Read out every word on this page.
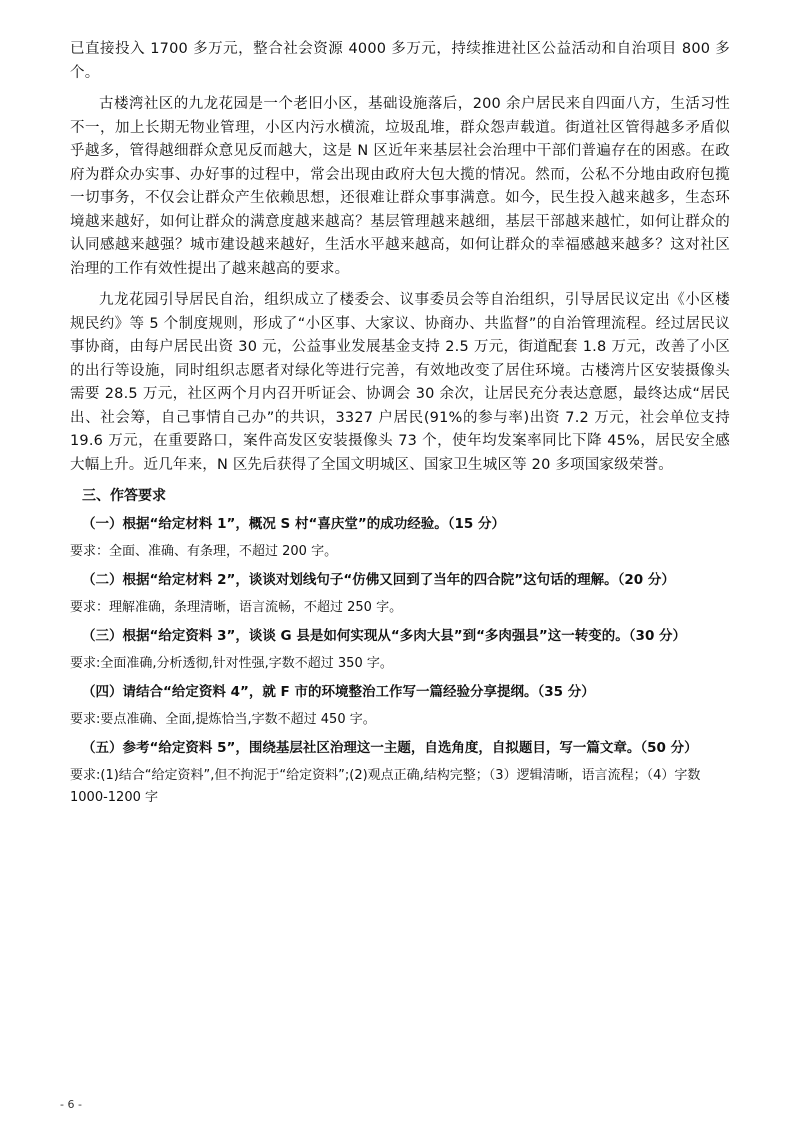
已直接投入 1700 多万元，整合社会资源 4000 多万元，持续推进社区公益活动和自治项目 800 多个。

古楼湾社区的九龙花园是一个老旧小区，基础设施落后，200 余户居民来自四面八方，生活习性不一，加上长期无物业管理，小区内污水横流，垃圾乱堆，群众怨声载道。街道社区管得越多矛盾似乎越多，管得越细群众意见反而越大，这是 N 区近年来基层社会治理中干部们普遍存在的困惑。在政府为群众办实事、办好事的过程中，常会出现由政府大包大揽的情况。然而，公私不分地由政府包揽一切事务，不仅会让群众产生依赖思想，还很难让群众事事满意。如今，民生投入越来越多，生态环境越来越好，如何让群众的满意度越来越高？基层管理越来越细，基层干部越来越忙，如何让群众的认同感越来越强？城市建设越来越好，生活水平越来越高，如何让群众的幸福感越来越多？这对社区治理的工作有效性提出了越来越高的要求。

九龙花园引导居民自治，组织成立了楼委会、议事委员会等自治组织，引导居民议定出《小区楼规民约》等 5 个制度规则，形成了“小区事、大家议、协商办、共监督”的自治管理流程。经过居民议事协商，由每户居民出资 30 元，公益事业发展基金支持 2.5 万元，街道配套 1.8 万元，改善了小区的出行等设施，同时组织志愿者对绿化等进行完善，有效地改变了居住环境。古楼湾片区安装摄像头需要 28.5 万元，社区两个月内召开听证会、协调会 30 余次，让居民充分表达意愿，最终达成“居民出、社会筹，自己事情自己办”的共识，3327 户居民(91%的参与率)出资 7.2 万元，社会单位支持 19.6 万元，在重要路口，案件高发区安装摄像头 73 个，使年均发案率同比下降 45%，居民安全感大幅上升。近几年来，N 区先后获得了全国文明城区、国家卫生城区等 20 多项国家级荣誉。

三、作答要求

（一）根据“给定材料 1”，概况 S 村“喜庆堂”的成功经验。（15 分）

要求：全面、准确、有条理，不超过 200 字。

（二）根据“给定材料 2”，谈谈对划线句子“仿佛又回到了当年的四合院”这句话的理解。（20 分）

要求：理解准确，条理清晰，语言流畅，不超过 250 字。

（三）根据“给定资料 3”，谈谈 G 县是如何实现从“多肉大县”到“多肉强县”这一转变的。（30 分）

要求:全面准确,分析透彻,针对性强,字数不超过 350 字。

（四）请结合“给定资料 4”，就 F 市的环境整治工作写一篇经验分享提纲。（35 分）

要求:要点准确、全面,提炼恰当,字数不超过 450 字。

（五）参考“给定资料 5”，围绕基层社区治理这一主题，自选角度，自拟题目，写一篇文章。（50 分）

要求:(1)结合“给定资料”,但不拘泥于“给定资料”;(2)观点正确,结构完整；（3）逻辑清晰，语言流程；（4）字数 1000-1200 字

- 6 -
